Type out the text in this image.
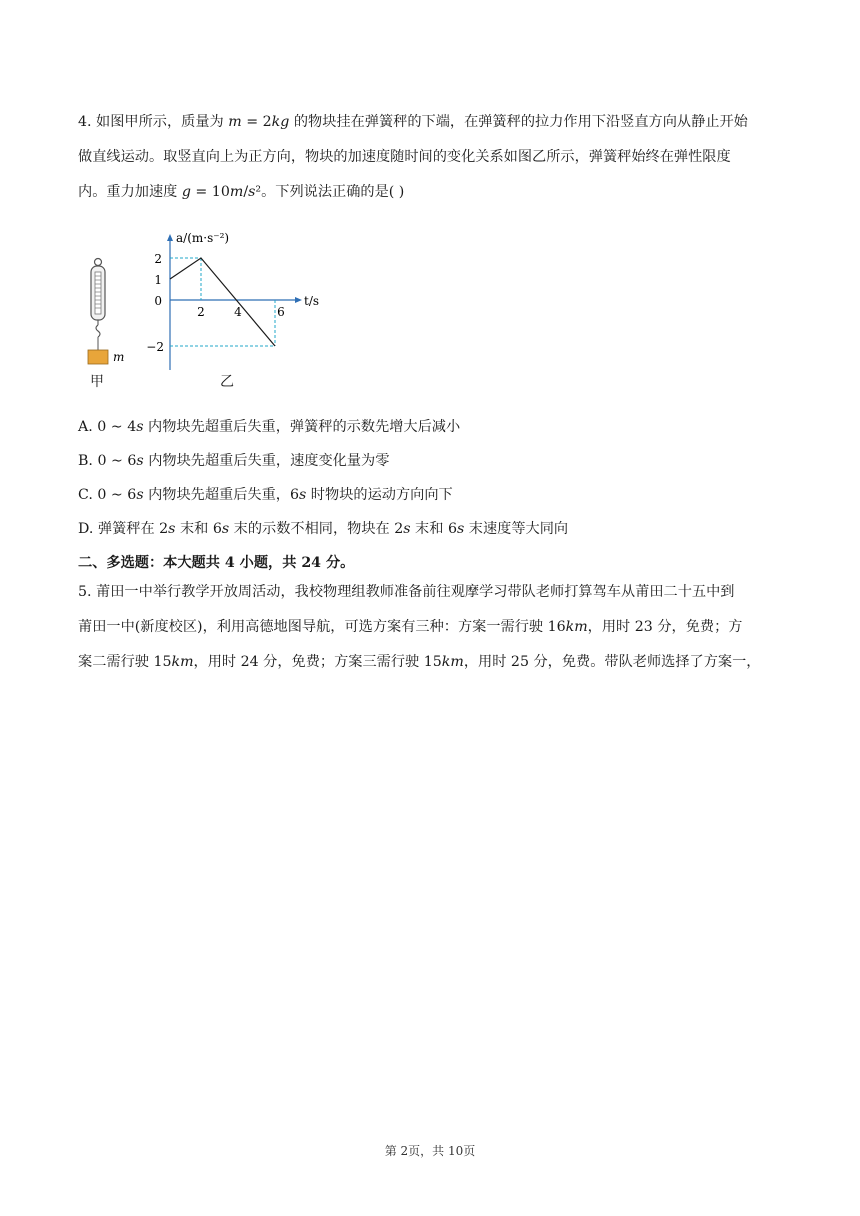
4. 如图甲所示，质量为 𝑚 = 2𝑘𝑔 的物块挂在弹簧秤的下端，在弹簧秤的拉力作用下沿竖直方向从静止开始
做直线运动。取竖直向上为正方向，物块的加速度随时间的变化关系如图乙所示，弹簧秤始终在弹性限度
内。重力加速度 𝑔 = 10𝑚/𝑠²。下列说法正确的是( )
m
2
1
0
−2
2 4	6
a/(m·s⁻²)
t/s
甲	乙
A. 0 ∼ 4𝑠 内物块先超重后失重，弹簧秤的示数先增大后减小
B. 0 ∼ 6𝑠 内物块先超重后失重，速度变化量为零
C. 0 ∼ 6𝑠 内物块先超重后失重，6𝑠 时物块的运动方向向下
D. 弹簧秤在 2𝑠 末和 6𝑠 末的示数不相同，物块在 2𝑠 末和 6𝑠 末速度等大同向
二、多选题：本大题共 4 小题，共 24 分。
5. 莆田一中举行教学开放周活动，我校物理组教师准备前往观摩学习带队老师打算驾车从莆田二十五中到
莆田一中(新度校区)，利用高德地图导航，可选方案有三种：方案一需行驶 16𝑘𝑚，用时 23 分，免费；方
案二需行驶 15𝑘𝑚，用时 24 分，免费；方案三需行驶 15𝑘𝑚，用时 25 分，免费。带队老师选择了方案一，
第 2页，共 10页
